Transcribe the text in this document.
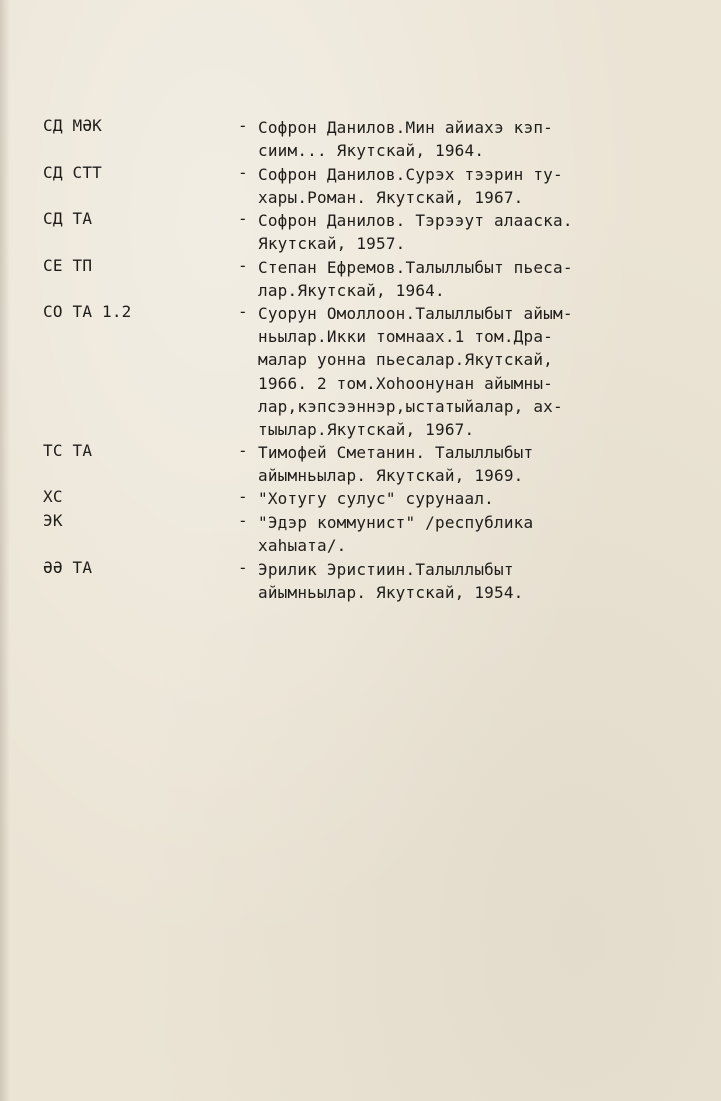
СД МӘК	- Софрон Данилов.Мин айиахэ кэп-
сиим... Якутскай, 1964.
СД СТТ	- Софрон Данилов.Сурэх тээрин ту-
хары.Роман. Якутскай, 1967.
СД ТА	- Софрон Данилов. Тэрээут алааска.
Якутскай, 1957.
СЕ ТП	- Степан Ефремов.Талыллыбыт пьеса-
лар.Якутскай, 1964.
СО ТА 1.2	- Суорун Омоллоон.Талыллыбыт айым-
ньылар.Икки томнаах.1 том.Дра-
малар уонна пьесалар.Якутскай,
1966. 2 том.Хоhоонунан айымны-
лар,кэпсээннэр,ыстатыйалар, ах-
тыылар.Якутскай, 1967.
ТС ТА	- Тимофей Сметанин. Талыллыбыт
айымньылар. Якутскай, 1969.
ХС	- "Хотугу сулус" сурунаал.
ЭК	- "Эдэр коммунист" /республика
хаhыата/.
ӘӘ ТА	- Эрилик Эристиин.Талыллыбыт
айымньылар. Якутскай, 1954.
